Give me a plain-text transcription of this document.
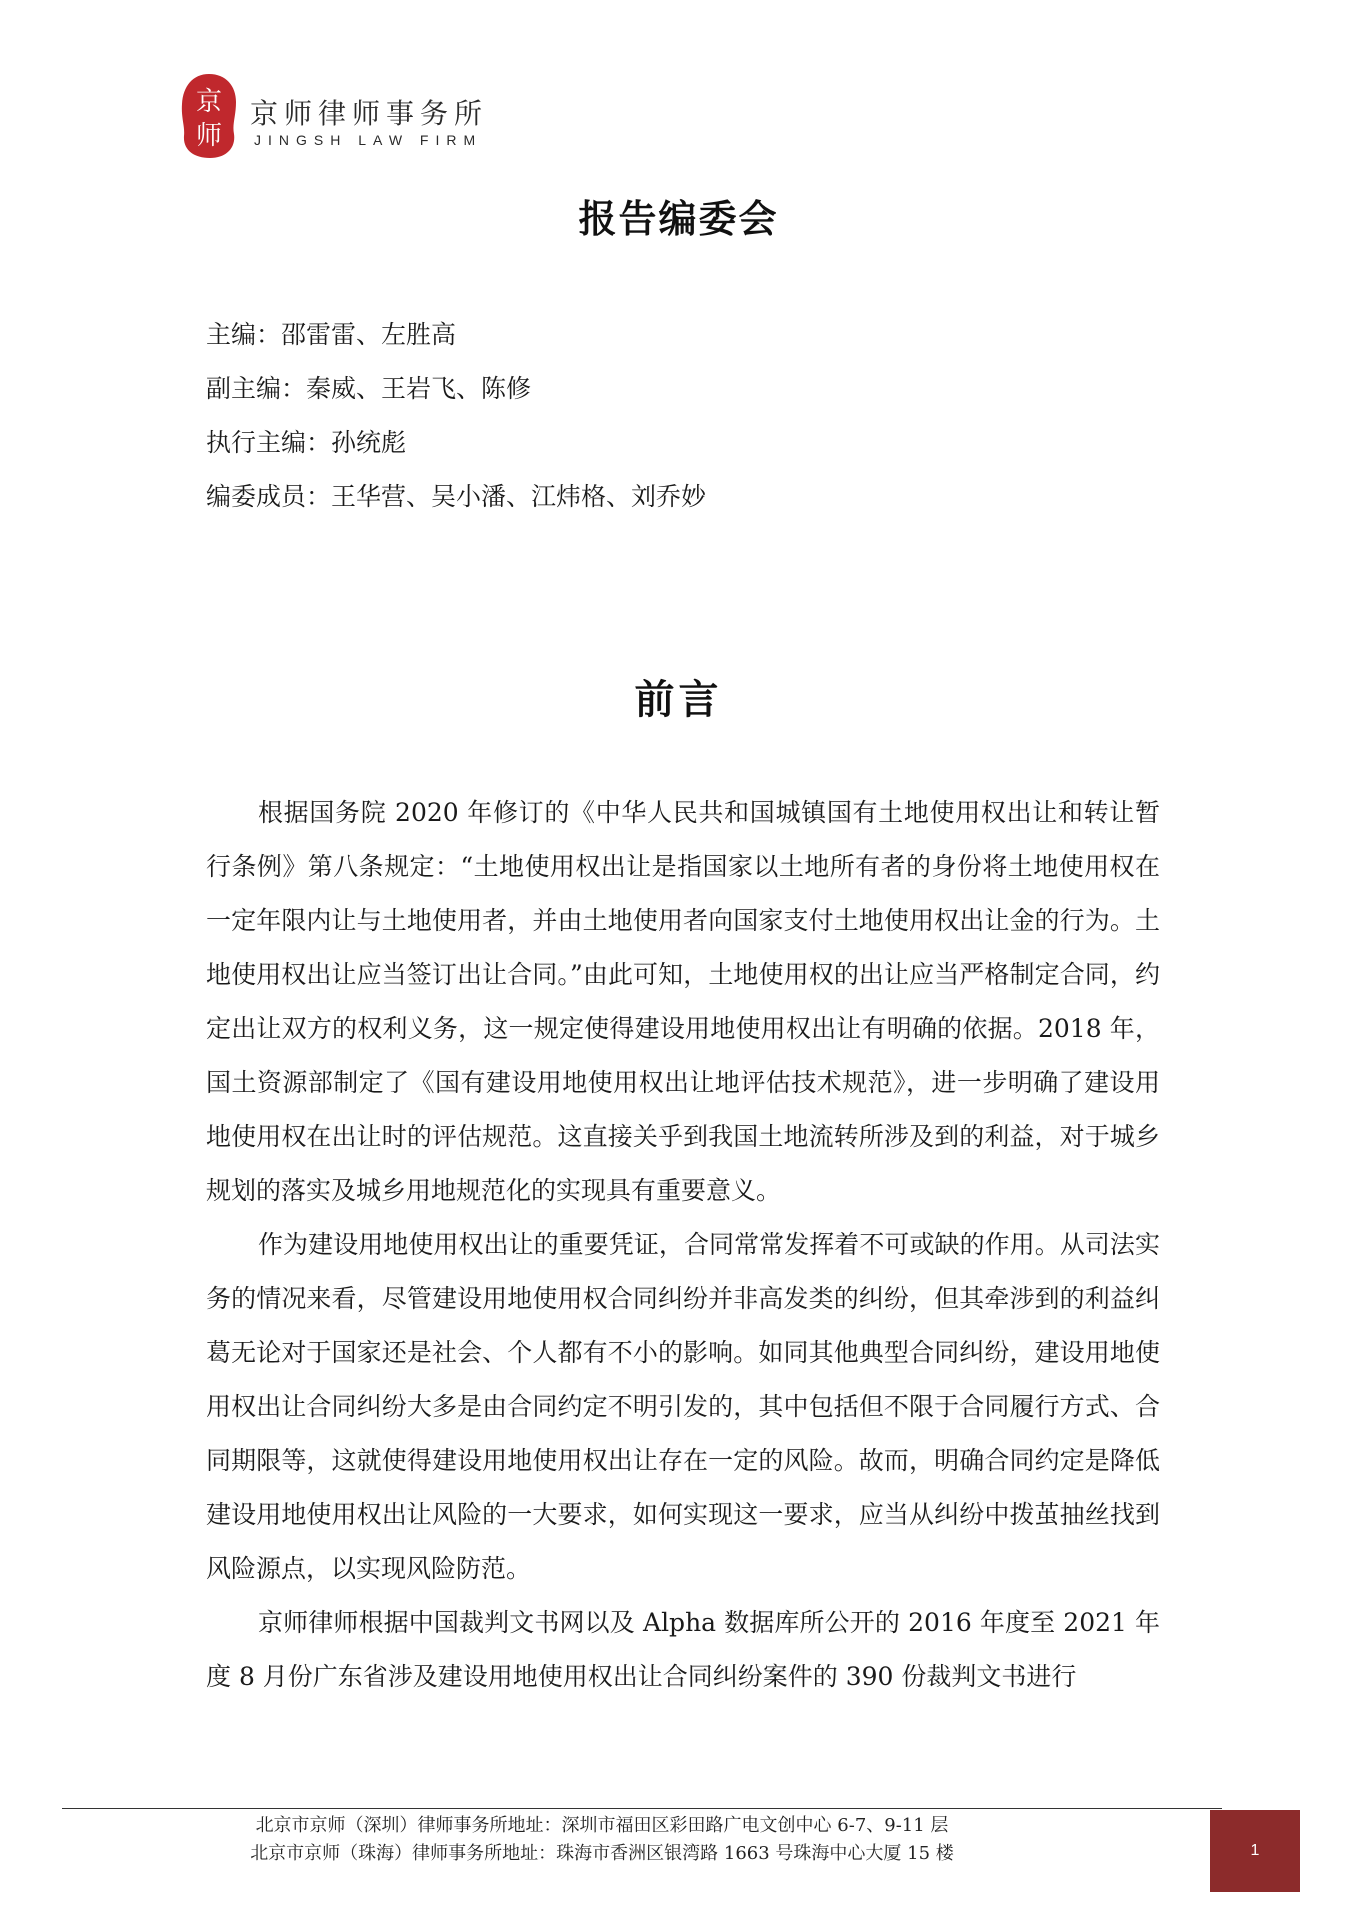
京
师
京师律师事务所
JINGSH LAW FIRM
报告编委会
主编：邵雷雷、左胜高
副主编：秦威、王岩飞、陈修
执行主编：孙统彪
编委成员：王华营、吴小潘、江炜格、刘乔妙
前言

根据国务院 2020 年修订的《中华人民共和国城镇国有土地使用权出让和转让暂行条例》第八条规定：“土地使用权出让是指国家以土地所有者的身份将土地使用权在一定年限内让与土地使用者，并由土地使用者向国家支付土地使用权出让金的行为。土地使用权出让应当签订出让合同。”由此可知，土地使用权的出让应当严格制定合同，约定出让双方的权利义务，这一规定使得建设用地使用权出让有明确的依据。2018 年，国土资源部制定了《国有建设用地使用权出让地评估技术规范》，进一步明确了建设用地使用权在出让时的评估规范。这直接关乎到我国土地流转所涉及到的利益，对于城乡规划的落实及城乡用地规范化的实现具有重要意义。

作为建设用地使用权出让的重要凭证，合同常常发挥着不可或缺的作用。从司法实务的情况来看，尽管建设用地使用权合同纠纷并非高发类的纠纷，但其牵涉到的利益纠葛无论对于国家还是社会、个人都有不小的影响。如同其他典型合同纠纷，建设用地使用权出让合同纠纷大多是由合同约定不明引发的，其中包括但不限于合同履行方式、合同期限等，这就使得建设用地使用权出让存在一定的风险。故而，明确合同约定是降低建设用地使用权出让风险的一大要求，如何实现这一要求，应当从纠纷中拨茧抽丝找到风险源点，以实现风险防范。

京师律师根据中国裁判文书网以及 Alpha 数据库所公开的 2016 年度至 2021 年度 8 月份广东省涉及建设用地使用权出让合同纠纷案件的 390 份裁判文书进行

北京市京师（深圳）律师事务所地址：深圳市福田区彩田路广电文创中心 6-7、9-11 层
北京市京师（珠海）律师事务所地址：珠海市香洲区银湾路 1663 号珠海中心大厦 15 楼	1
